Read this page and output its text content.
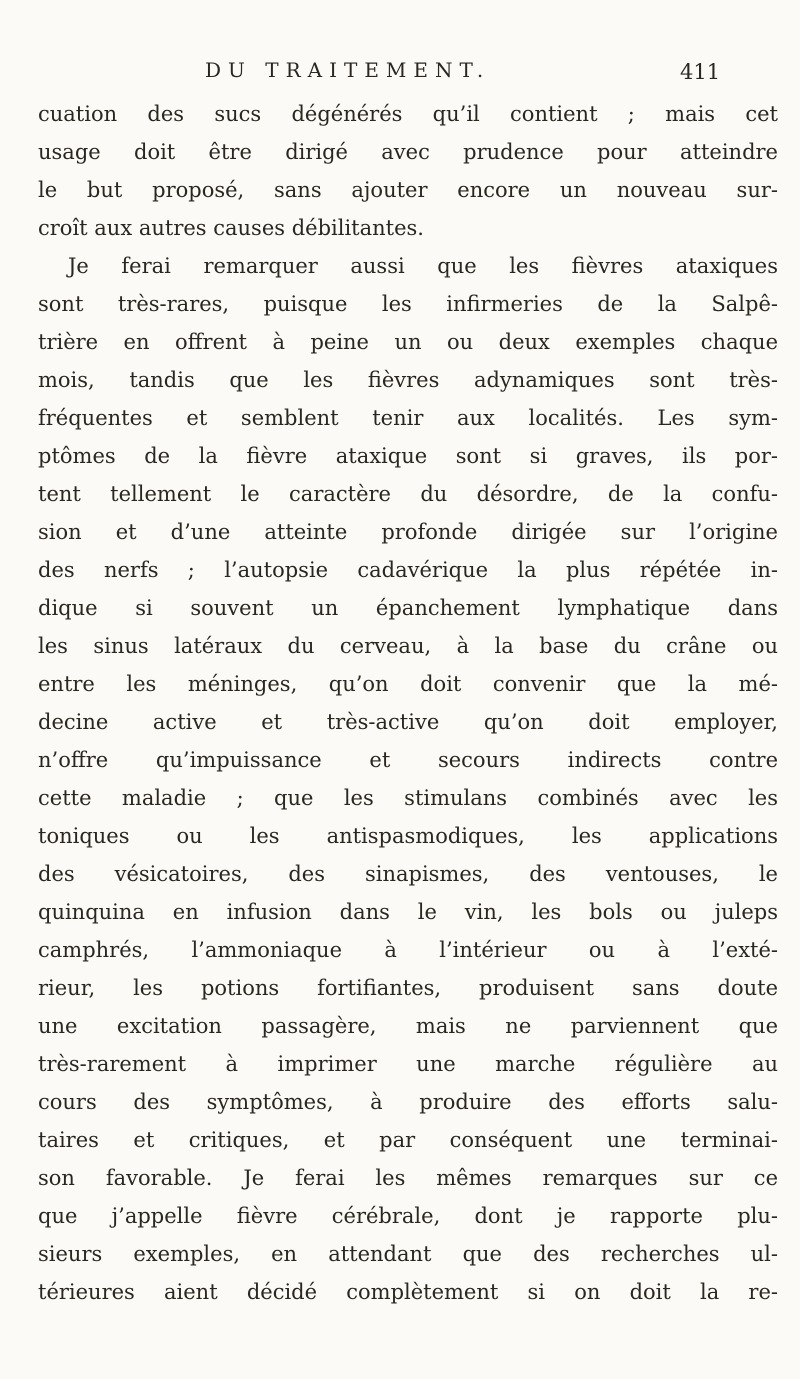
DU TRAITEMENT.	411
cuation des sucs dégénérés qu’il contient ; mais cet
usage doit être dirigé avec prudence pour atteindre
le but proposé, sans ajouter encore un nouveau sur-
croît aux autres causes débilitantes.
Je ferai remarquer aussi que les fièvres ataxiques
sont très-rares, puisque les infirmeries de la Salpê-
trière en offrent à peine un ou deux exemples chaque
mois, tandis que les fièvres adynamiques sont très-
fréquentes et semblent tenir aux localités. Les sym-
ptômes de la fièvre ataxique sont si graves, ils por-
tent tellement le caractère du désordre, de la confu-
sion et d’une atteinte profonde dirigée sur l’origine
des nerfs ; l’autopsie cadavérique la plus répétée in-
dique si souvent un épanchement lymphatique dans
les sinus latéraux du cerveau, à la base du crâne ou
entre les méninges, qu’on doit convenir que la mé-
decine active et très-active qu’on doit employer,
n’offre qu’impuissance et secours indirects contre
cette maladie ; que les stimulans combinés avec les
toniques ou les antispasmodiques, les applications
des vésicatoires, des sinapismes, des ventouses, le
quinquina en infusion dans le vin, les bols ou juleps
camphrés, l’ammoniaque à l’intérieur ou à l’exté-
rieur, les potions fortifiantes, produisent sans doute
une excitation passagère, mais ne parviennent que
très-rarement à imprimer une marche régulière au
cours des symptômes, à produire des efforts salu-
taires et critiques, et par conséquent une terminai-
son favorable. Je ferai les mêmes remarques sur ce
que j’appelle fièvre cérébrale, dont je rapporte plu-
sieurs exemples, en attendant que des recherches ul-
térieures aient décidé complètement si on doit la re-
